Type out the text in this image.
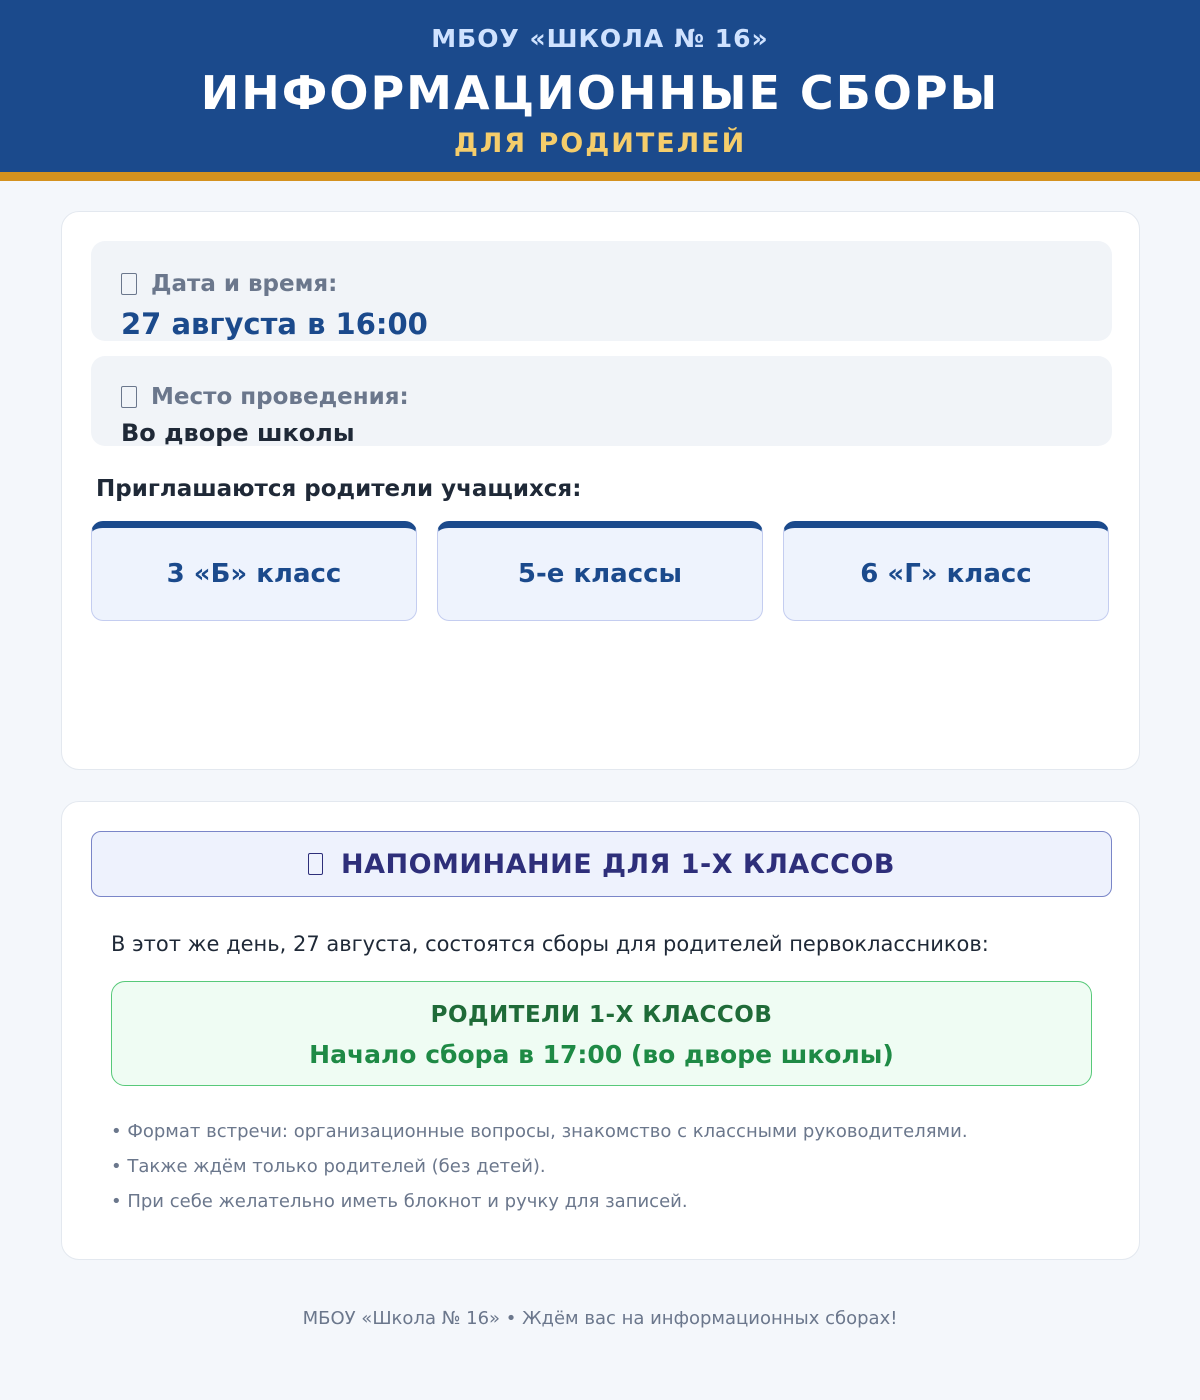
МБОУ «ШКОЛА № 16»
ИНФОРМАЦИОННЫЕ СБОРЫ
ДЛЯ РОДИТЕЛЕЙ
Дата и время:
27 августа в 16:00
Место проведения:
Во дворе школы
Приглашаются родители учащихся:
3 «Б» класс	5-е классы	6 «Г» класс
НАПОМИНАНИЕ ДЛЯ 1-Х КЛАССОВ
В этот же день, 27 августа, состоятся сборы для родителей первоклассников:
РОДИТЕЛИ 1-Х КЛАССОВ
Начало сбора в 17:00 (во дворе школы)
• Формат встречи: организационные вопросы, знакомство с классными руководителями.
• Также ждём только родителей (без детей).
• При себе желательно иметь блокнот и ручку для записей.
МБОУ «Школа № 16» • Ждём вас на информационных сборах!
